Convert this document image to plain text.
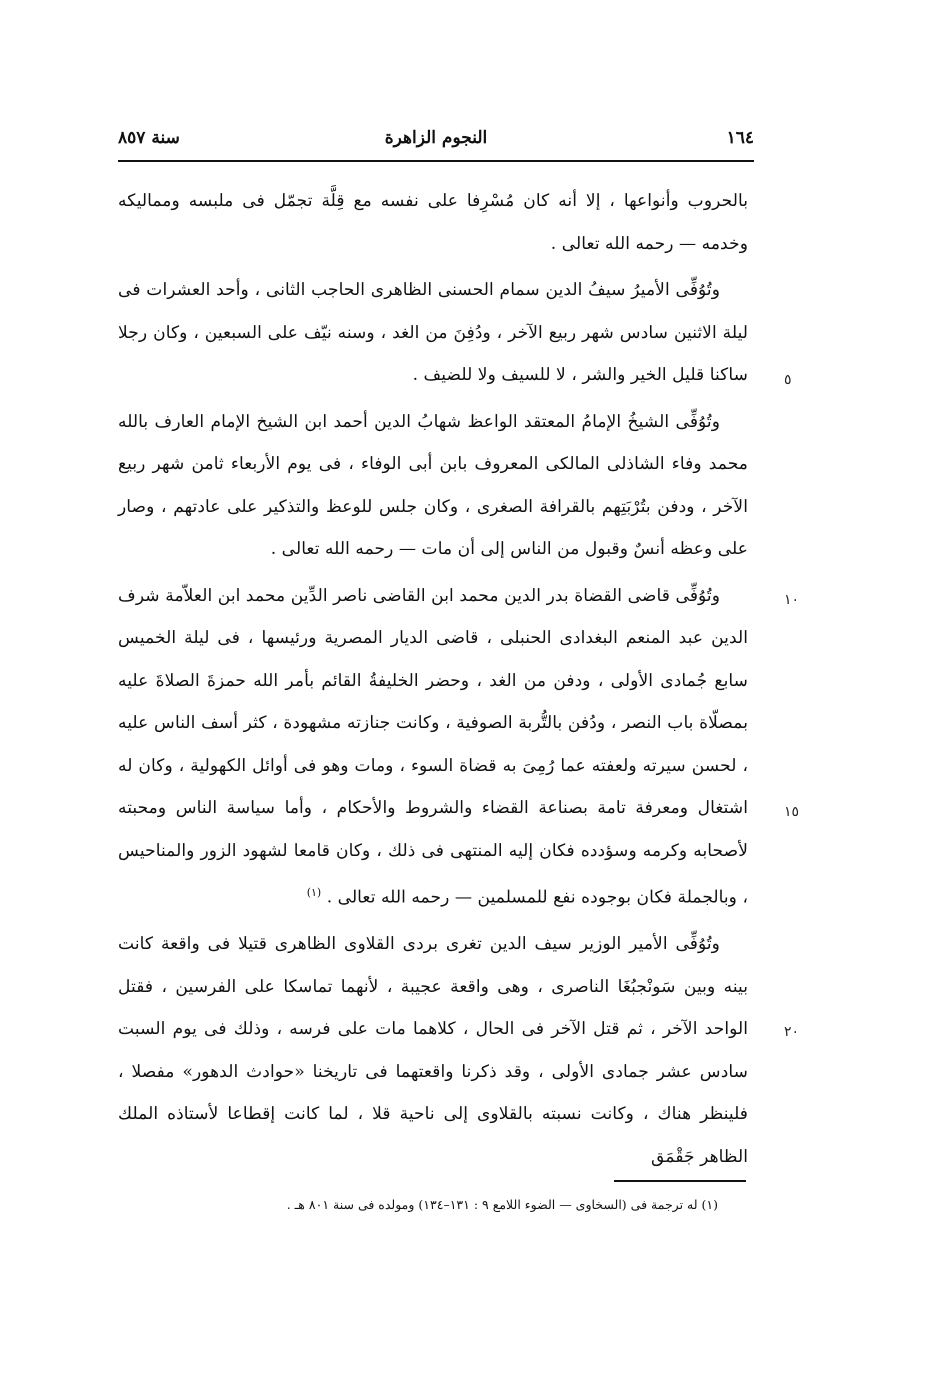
١٦٤
النجوم الزاهرة
سنة ٨٥٧

بالحروب وأنواعها ، إلا أنه كان مُسْرِفا على نفسه مع قِلَّة تجمّل فى ملبسه ومماليكه وخدمه — رحمه الله تعالى .

٥
وتُوُفِّى الأميرُ سيفُ الدين سمام الحسنى الظاهرى الحاجب الثانى ، وأحد العشرات فى ليلة الاثنين سادس شهر ربيع الآخر ، ودُفِنَ من الغد ، وسنه نيّف على السبعين ، وكان رجلا ساكنا قليل الخير والشر ، لا للسيف ولا للضيف .

وتُوُفِّى الشيخُ الإمامُ المعتقد الواعظ شهابُ الدين أحمد ابن الشيخ الإمام العارف بالله محمد وفاء الشاذلى المالكى المعروف بابن أبى الوفاء ، فى يوم الأربعاء ثامن شهر ربيع الآخر ، ودفن بتُرْبَتِهم بالقرافة الصغرى ، وكان جلس للوعظ والتذكير على عادتهم ، وصار على وعظه أنسٌ وقبول من الناس إلى أن مات — رحمه الله تعالى .

١٠
١٥
وتُوُفِّى قاضى القضاة بدر الدين محمد ابن القاضى ناصر الدِّين محمد ابن العلاّمة شرف الدين عبد المنعم البغدادى الحنبلى ، قاضى الديار المصرية ورئيسها ، فى ليلة الخميس سابع جُمادى الأولى ، ودفن من الغد ، وحضر الخليفةُ القائم بأمر الله حمزةَ الصلاةَ عليه بمصلّاة باب النصر ، ودُفن بالتُّربة الصوفية ، وكانت جنازته مشهودة ، كثر أسف الناس عليه ، لحسن سيرته ولعفته عما رُمِىَ به قضاة السوء ، ومات وهو فى أوائل الكهولية ، وكان له اشتغال ومعرفة تامة بصناعة القضاء والشروط والأحكام ، وأما سياسة الناس ومحبته لأصحابه وكرمه وسؤدده فكان إليه المنتهى فى ذلك ، وكان قامعا لشهود الزور والمناحيس ، وبالجملة فكان بوجوده نفع للمسلمين — رحمه الله تعالى . $^{(١)}$

٢٠
وتُوُفِّى الأمير الوزير سيف الدين تغرى بردى القلاوى الظاهرى قتيلا فى واقعة كانت بينه وبين سَونْجبُغَا الناصرى ، وهى واقعة عجيبة ، لأنهما تماسكا على الفرسين ، فقتل الواحد الآخر ، ثم قتل الآخر فى الحال ، كلاهما مات على فرسه ، وذلك فى يوم السبت سادس عشر جمادى الأولى ، وقد ذكرنا واقعتهما فى تاريخنا «حوادث الدهور» مفصلا ، فلينظر هناك ، وكانت نسبته بالقلاوى إلى ناحية قلا ، لما كانت إقطاعا لأستاذه الملك الظاهر جَقْمَق

(١) له ترجمة فى (السخاوى — الضوء اللامع ٩ : ١٣١–١٣٤) ومولده فى سنة ٨٠١ هـ .
